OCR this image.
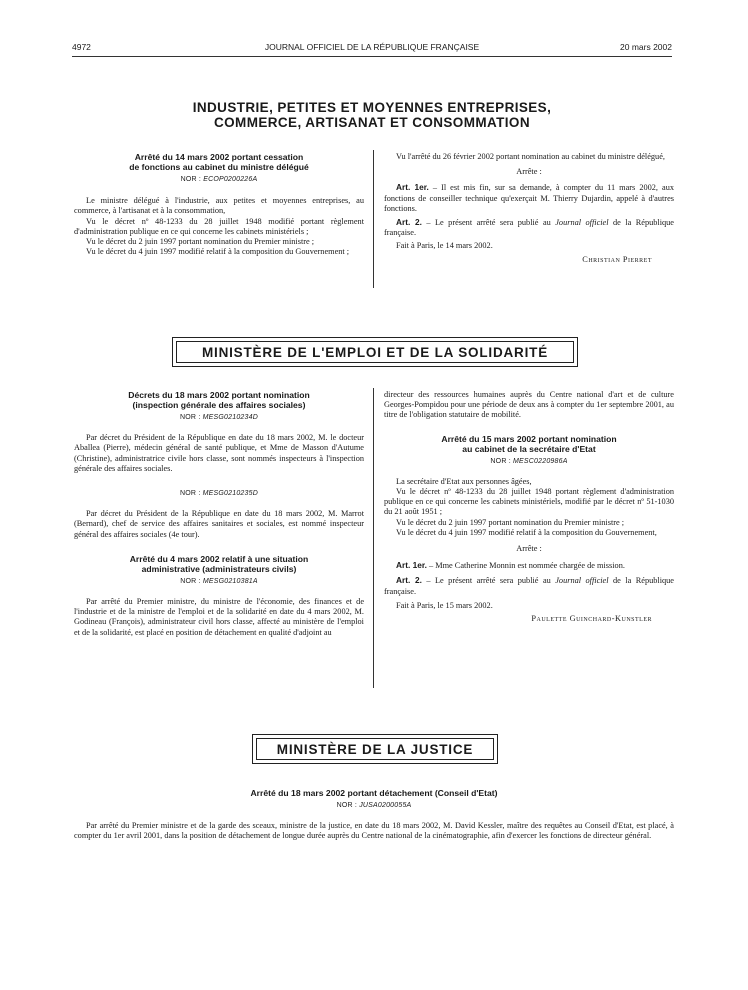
4972	JOURNAL OFFICIEL DE LA RÉPUBLIQUE FRANÇAISE	20 mars 2002
INDUSTRIE, PETITES ET MOYENNES ENTREPRISES,
COMMERCE, ARTISANAT ET CONSOMMATION
Arrêté du 14 mars 2002 portant cessation
de fonctions au cabinet du ministre délégué
NOR : ECOP0200226A

Le ministre délégué à l'industrie, aux petites et moyennes entreprises, au commerce, à l'artisanat et à la consommation,

Vu le décret nº 48-1233 du 28 juillet 1948 modifié portant règlement d'administration publique en ce qui concerne les cabinets ministériels ;

Vu le décret du 2 juin 1997 portant nomination du Premier ministre ;

Vu le décret du 4 juin 1997 modifié relatif à la composition du Gouvernement ;

Vu l'arrêté du 26 février 2002 portant nomination au cabinet du ministre délégué,

Arrête :

Art. 1er. – Il est mis fin, sur sa demande, à compter du 11 mars 2002, aux fonctions de conseiller technique qu'exerçait M. Thierry Dujardin, appelé à d'autres fonctions.

Art. 2. – Le présent arrêté sera publié au Journal officiel de la République française.

Fait à Paris, le 14 mars 2002.

Christian Pierret

MINISTÈRE DE L'EMPLOI ET DE LA SOLIDARITÉ
Décrets du 18 mars 2002 portant nomination
(inspection générale des affaires sociales)
NOR : MESG0210234D

Par décret du Président de la République en date du 18 mars 2002, M. le docteur Aballea (Pierre), médecin général de santé publique, et Mme de Masson d'Autume (Christine), administratrice civile hors classe, sont nommés inspecteurs à l'inspection générale des affaires sociales.

NOR : MESG0210235D

Par décret du Président de la République en date du 18 mars 2002, M. Marrot (Bernard), chef de service des affaires sanitaires et sociales, est nommé inspecteur général des affaires sociales (4e tour).

Arrêté du 4 mars 2002 relatif à une situation
administrative (administrateurs civils)
NOR : MESG0210381A

Par arrêté du Premier ministre, du ministre de l'économie, des finances et de l'industrie et de la ministre de l'emploi et de la solidarité en date du 4 mars 2002, M. Godineau (François), administrateur civil hors classe, affecté au ministère de l'emploi et de la solidarité, est placé en position de détachement en qualité d'adjoint au

directeur des ressources humaines auprès du Centre national d'art et de culture Georges-Pompidou pour une période de deux ans à compter du 1er septembre 2001, au titre de l'obligation statutaire de mobilité.

Arrêté du 15 mars 2002 portant nomination
au cabinet de la secrétaire d'Etat
NOR : MESC0220986A

La secrétaire d'Etat aux personnes âgées,

Vu le décret nº 48-1233 du 28 juillet 1948 portant règlement d'administration publique en ce qui concerne les cabinets ministériels, modifié par le décret nº 51-1030 du 21 août 1951 ;

Vu le décret du 2 juin 1997 portant nomination du Premier ministre ;

Vu le décret du 4 juin 1997 modifié relatif à la composition du Gouvernement,

Arrête :

Art. 1er. – Mme Catherine Monnin est nommée chargée de mission.

Art. 2. – Le présent arrêté sera publié au Journal officiel de la République française.

Fait à Paris, le 15 mars 2002.

Paulette Guinchard-Kunstler

MINISTÈRE DE LA JUSTICE
Arrêté du 18 mars 2002 portant détachement (Conseil d'Etat)
NOR : JUSA0200055A

Par arrêté du Premier ministre et de la garde des sceaux, ministre de la justice, en date du 18 mars 2002, M. David Kessler, maître des requêtes au Conseil d'Etat, est placé, à compter du 1er avril 2001, dans la position de détachement de longue durée auprès du Centre national de la cinématographie, afin d'exercer les fonctions de directeur général.
